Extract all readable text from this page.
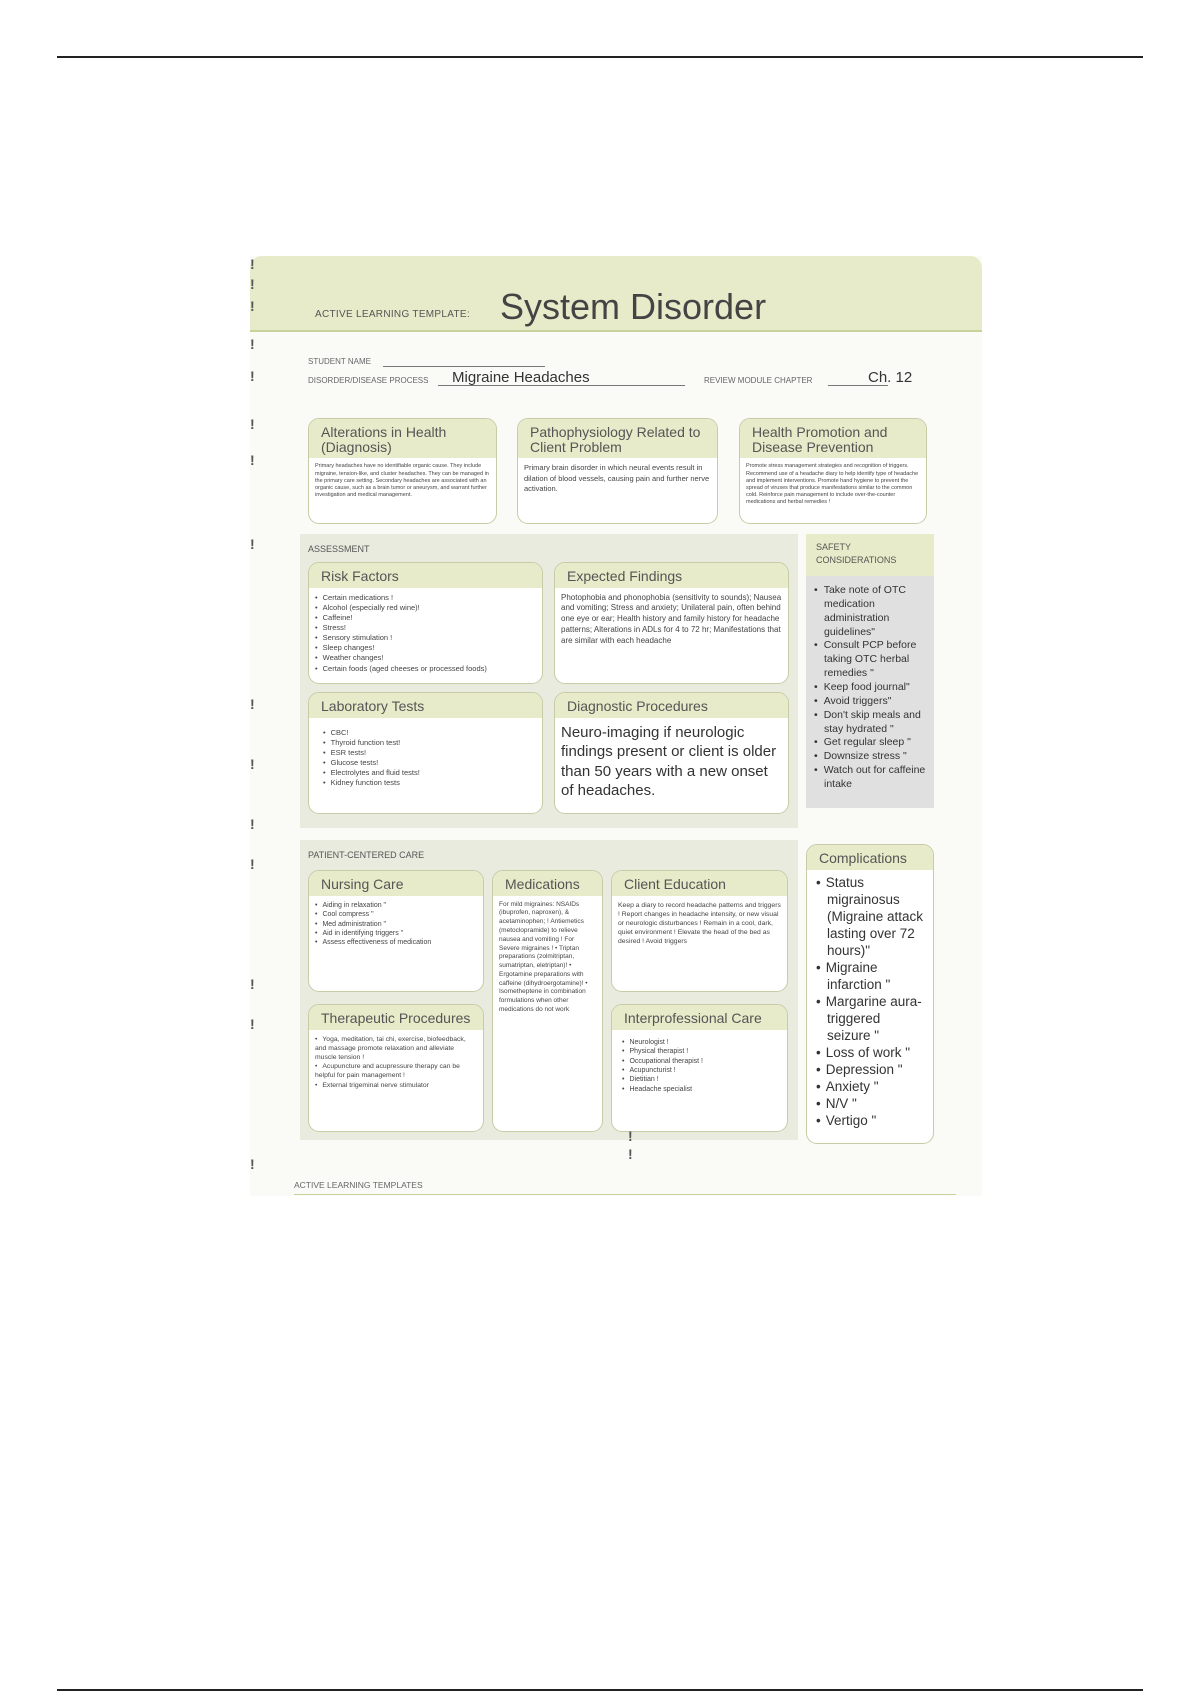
ACTIVE LEARNING TEMPLATE: System Disorder
STUDENT NAME
DISORDER/DISEASE PROCESS Migraine Headaches	REVIEW MODULE CHAPTER	Ch. 12
Alterations in Health (Diagnosis)
Primary headaches have no identifiable organic cause. They include migraine, tension-like, and cluster headaches. They can be managed in the primary care setting. Secondary headaches are associated with an organic cause, such as a brain tumor or aneurysm, and warrant further investigation and medical management.
Pathophysiology Related to Client Problem
Primary brain disorder in which neural events result in dilation of blood vessels, causing pain and further nerve activation.
Health Promotion and Disease Prevention
Promote stress management strategies and recognition of triggers. Recommend use of a headache diary to help identify type of headache and implement interventions. Promote hand hygiene to prevent the spread of viruses that produce manifestations similar to the common cold. Reinforce pain management to include over-the-counter medications and herbal remedies !
ASSESSMENT
Risk Factors
• Certain medications !
• Alcohol (especially red wine)!
• Caffeine!
• Stress!
• Sensory stimulation !
• Sleep changes!
• Weather changes!
• Certain foods (aged cheeses or processed foods)
Expected Findings
Photophobia and phonophobia (sensitivity to sounds); Nausea and vomiting; Stress and anxiety; Unilateral pain, often behind one eye or ear; Health history and family history for headache patterns; Alterations in ADLs for 4 to 72 hr; Manifestations that are similar with each headache
Laboratory Tests
• CBC!
• Thyroid function test!
• ESR tests!
• Glucose tests!
• Electrolytes and fluid tests!
• Kidney function tests
Diagnostic Procedures
Neuro-imaging if neurologic findings present or client is older than 50 years with a new onset of headaches.
SAFETY CONSIDERATIONS
• Take note of OTC medication administration guidelines"
• Consult PCP before taking OTC herbal remedies "
• Keep food journal"
• Avoid triggers"
• Don't skip meals and stay hydrated "
• Get regular sleep "
• Downsize stress "
• Watch out for caffeine intake
PATIENT-CENTERED CARE
Nursing Care
• Aiding in relaxation "
• Cool compress "
• Med administration "
• Aid in identifying triggers "
• Assess effectiveness of medication
Medications
For mild migraines: NSAIDs (ibuprofen, naproxen), & acetaminophen; ! Antiemetics (metoclopramide) to relieve nausea and vomiting ! For Severe migraines ! • Triptan preparations (zolmitriptan, sumatriptan, eletriptan)! • Ergotamine preparations with caffeine (dihydroergotamine)! • Isometheptene in combination formulations when other medications do not work
Client Education
Keep a diary to record headache patterns and triggers ! Report changes in headache intensity, or new visual or neurologic disturbances ! Remain in a cool, dark, quiet environment ! Elevate the head of the bed as desired ! Avoid triggers
Therapeutic Procedures
• Yoga, meditation, tai chi, exercise, biofeedback, and massage promote relaxation and alleviate muscle tension !
• Acupuncture and acupressure therapy can be helpful for pain management !
• External trigeminal nerve stimulator
Interprofessional Care
• Neurologist !
• Physical therapist !
• Occupational therapist !
• Acupuncturist !
• Dietitian !
• Headache specialist
Complications
• Status migrainosus (Migraine attack lasting over 72 hours)"
• Migraine infarction "
• Margarine aura-triggered seizure "
• Loss of work "
• Depression "
• Anxiety "
• N/V "
• Vertigo "
!
!
!
!
!
!
!
!
!
!
!
!
!
!
!
!
!
ACTIVE LEARNING TEMPLATES
